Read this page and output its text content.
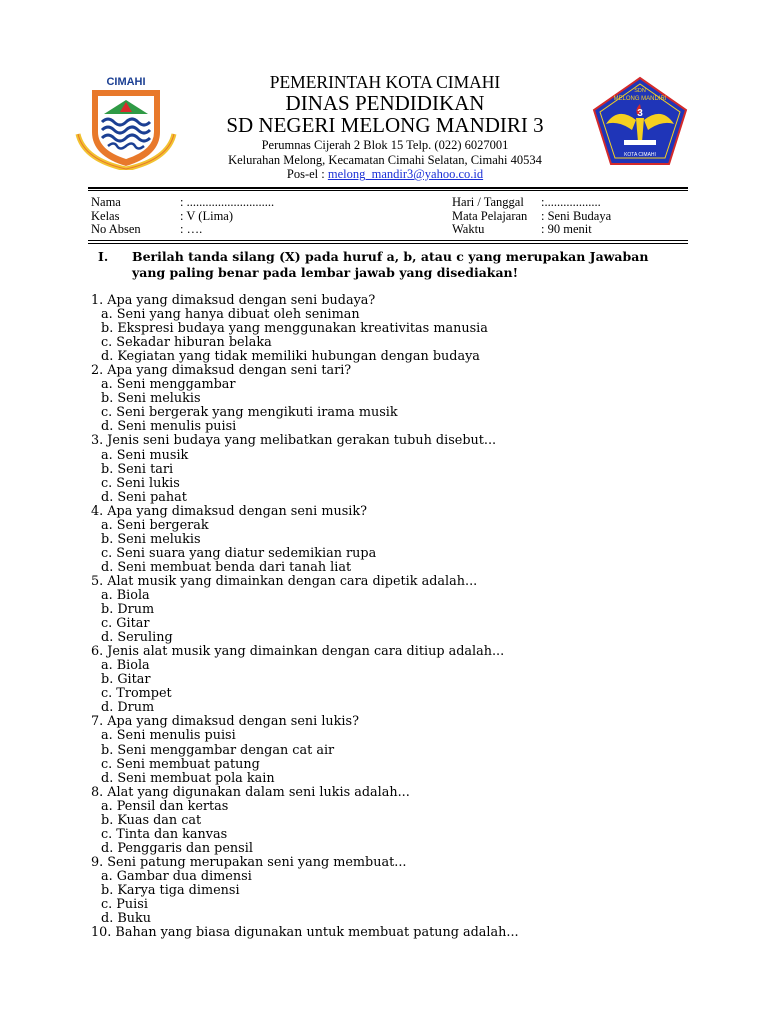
CIMAHI	PEMERINTAH KOTA CIMAHI
DINAS PENDIDIKAN
SD NEGERI MELONG MANDIRI 3
Perumnas Cijerah 2 Blok 15 Telp. (022) 6027001
Kelurahan Melong, Kecamatan Cimahi Selatan, Cimahi 40534
Pos-el : melong_mandir3@yahoo.co.id
SDN
MELONG MANDIRI
3
KOTA CIMAHI
Nama	: ............................
Kelas	: V (Lima)
No Absen	: ….
Hari / Tanggal	:..................
Mata Pelajaran	: Seni Budaya
Waktu	: 90 menit
I.	Berilah tanda silang (X) pada huruf a, b, atau c yang merupakan Jawaban yang paling benar pada lembar jawab yang disediakan!
1. Apa yang dimaksud dengan seni budaya?
a. Seni yang hanya dibuat oleh seniman
b. Ekspresi budaya yang menggunakan kreativitas manusia
c. Sekadar hiburan belaka
d. Kegiatan yang tidak memiliki hubungan dengan budaya
2. Apa yang dimaksud dengan seni tari?
a. Seni menggambar
b. Seni melukis
c. Seni bergerak yang mengikuti irama musik
d. Seni menulis puisi
3. Jenis seni budaya yang melibatkan gerakan tubuh disebut...
a. Seni musik
b. Seni tari
c. Seni lukis
d. Seni pahat
4. Apa yang dimaksud dengan seni musik?
a. Seni bergerak
b. Seni melukis
c. Seni suara yang diatur sedemikian rupa
d. Seni membuat benda dari tanah liat
5. Alat musik yang dimainkan dengan cara dipetik adalah...
a. Biola
b. Drum
c. Gitar
d. Seruling
6. Jenis alat musik yang dimainkan dengan cara ditiup adalah...
a. Biola
b. Gitar
c. Trompet
d. Drum
7. Apa yang dimaksud dengan seni lukis?
a. Seni menulis puisi
b. Seni menggambar dengan cat air
c. Seni membuat patung
d. Seni membuat pola kain
8. Alat yang digunakan dalam seni lukis adalah...
a. Pensil dan kertas
b. Kuas dan cat
c. Tinta dan kanvas
d. Penggaris dan pensil
9. Seni patung merupakan seni yang membuat...
a. Gambar dua dimensi
b. Karya tiga dimensi
c. Puisi
d. Buku
10. Bahan yang biasa digunakan untuk membuat patung adalah...
